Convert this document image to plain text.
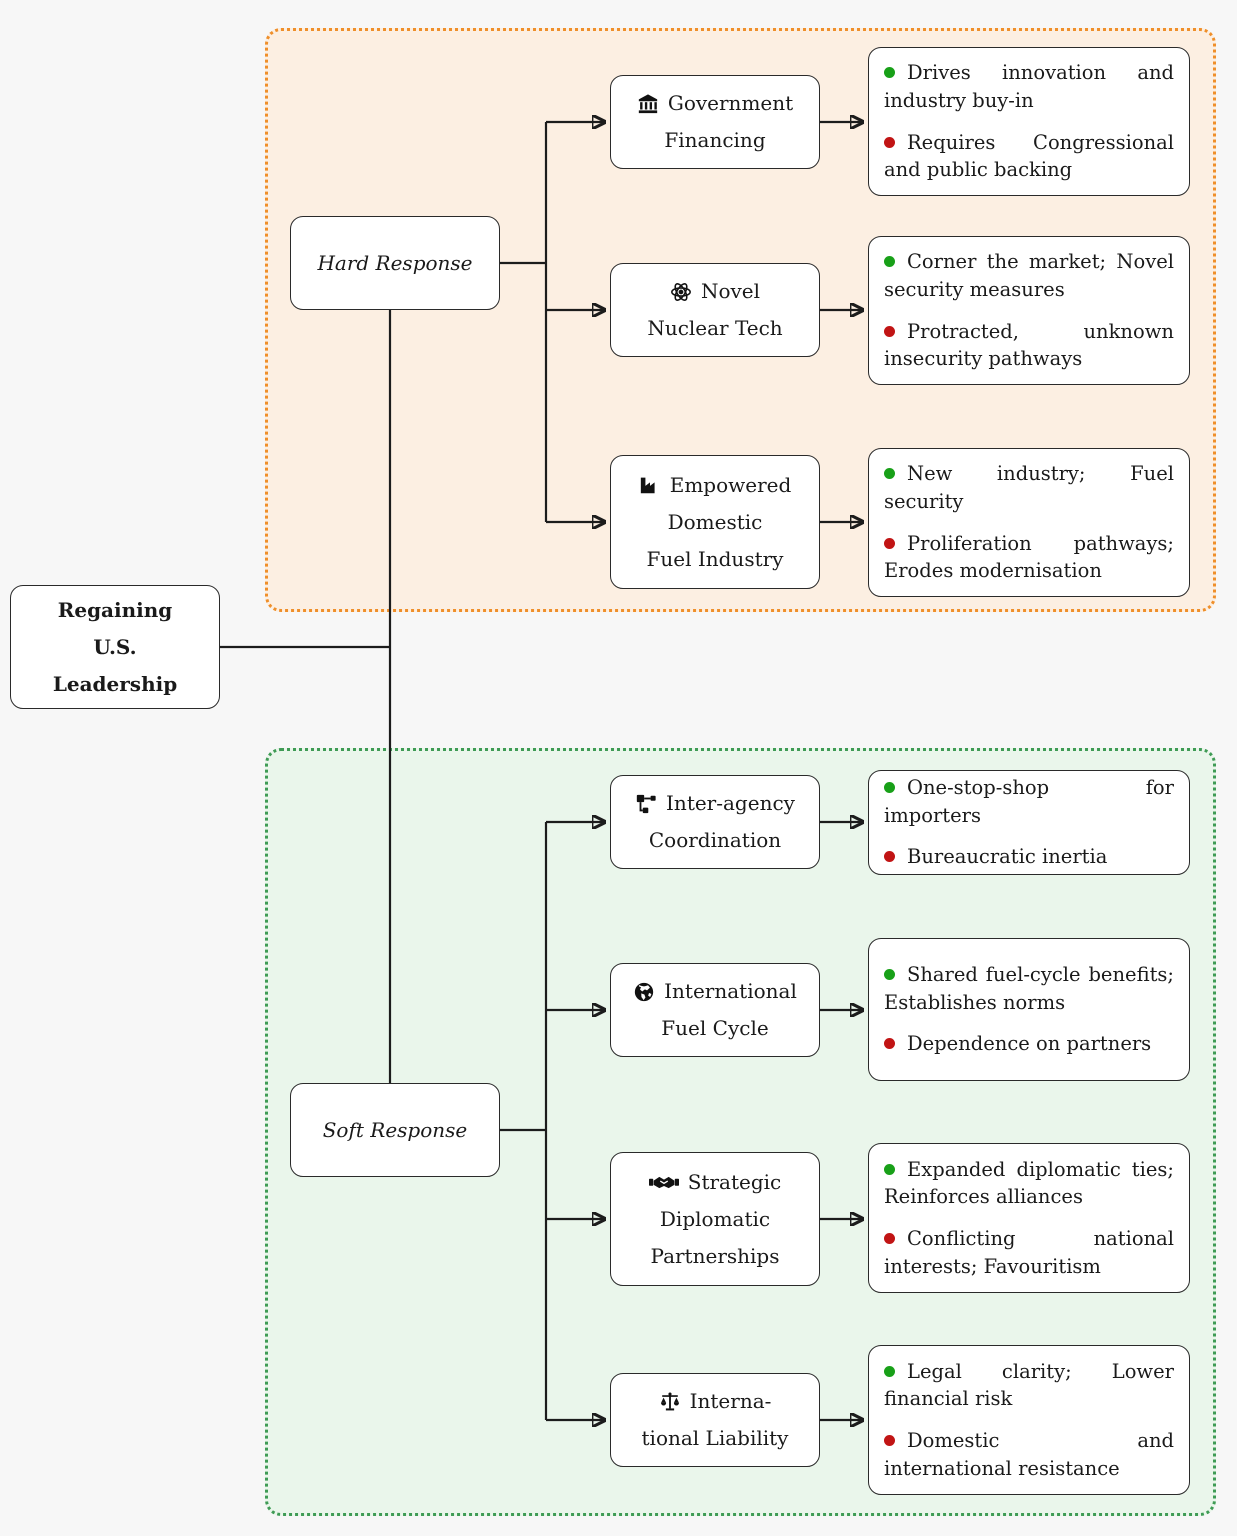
Regaining
U.S.
Leadership
Hard Response
Soft Response
Government
Financing
Novel
Nuclear Tech
Empowered
Domestic
Fuel Industry

Drives innovation and industry buy-in

Requires Congressional and public backing

Corner the market; Novel security measures

Protracted, unknown insecurity pathways

New industry; Fuel security

Proliferation pathways; Erodes modernisation

Inter-agency
Coordination
International
Fuel Cycle
Strategic
Diplomatic
Partnerships
Interna-
tional Liability

One-stop-shop for importers

Bureaucratic inertia

Shared fuel-cycle benefits; Establishes norms

Dependence on partners

Expanded diplomatic ties; Reinforces alliances

Conflicting national interests; Favouritism

Legal clarity; Lower financial risk

Domestic and international resistance
